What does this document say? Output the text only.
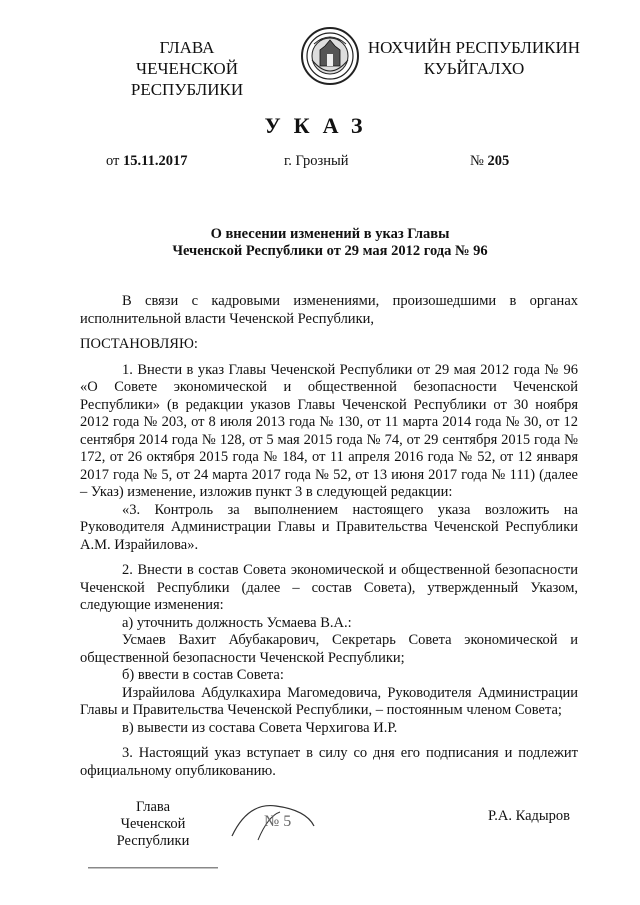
ГЛАВА
ЧЕЧЕНСКОЙ РЕСПУБЛИКИ
НОХЧИЙН РЕСПУБЛИКИН
КУЬЙГАЛХО
УКАЗ
от 15.11.2017	г. Грозный	№ 205
О внесении изменений в указ Главы
Чеченской Республики от 29 мая 2012 года № 96

В связи с кадровыми изменениями, произошедшими в органах исполнительной власти Чеченской Республики,

ПОСТАНОВЛЯЮ:

1. Внести в указ Главы Чеченской Республики от 29 мая 2012 года № 96 «О Совете экономической и общественной безопасности Чеченской Республики» (в редакции указов Главы Чеченской Республики от 30 ноября 2012 года № 203, от 8 июля 2013 года № 130, от 11 марта 2014 года № 30, от 12 сентября 2014 года № 128, от 5 мая 2015 года № 74, от 29 сентября 2015 года № 172, от 26 октября 2015 года № 184, от 11 апреля 2016 года № 52, от 12 января 2017 года № 5, от 24 марта 2017 года № 52, от 13 июня 2017 года № 111) (далее – Указ) изменение, изложив пункт 3 в следующей редакции:

«3. Контроль за выполнением настоящего указа возложить на Руководителя Администрации Главы и Правительства Чеченской Республики А.М. Израйилова».

2. Внести в состав Совета экономической и общественной безопасности Чеченской Республики (далее – состав Совета), утвержденный Указом, следующие изменения:

а) уточнить должность Усмаева В.А.:

Усмаев Вахит Абубакарович, Секретарь Совета экономической и общественной безопасности Чеченской Республики;

б) ввести в состав Совета:

Израйилова Абдулкахира Магомедовича, Руководителя Администрации Главы и Правительства Чеченской Республики, – постоянным членом Совета;

в) вывести из состава Совета Черхигова И.Р.

3. Настоящий указ вступает в силу со дня его подписания и подлежит официальному опубликованию.

Глава
Чеченской Республики
№ 5	Р.А. Кадыров
